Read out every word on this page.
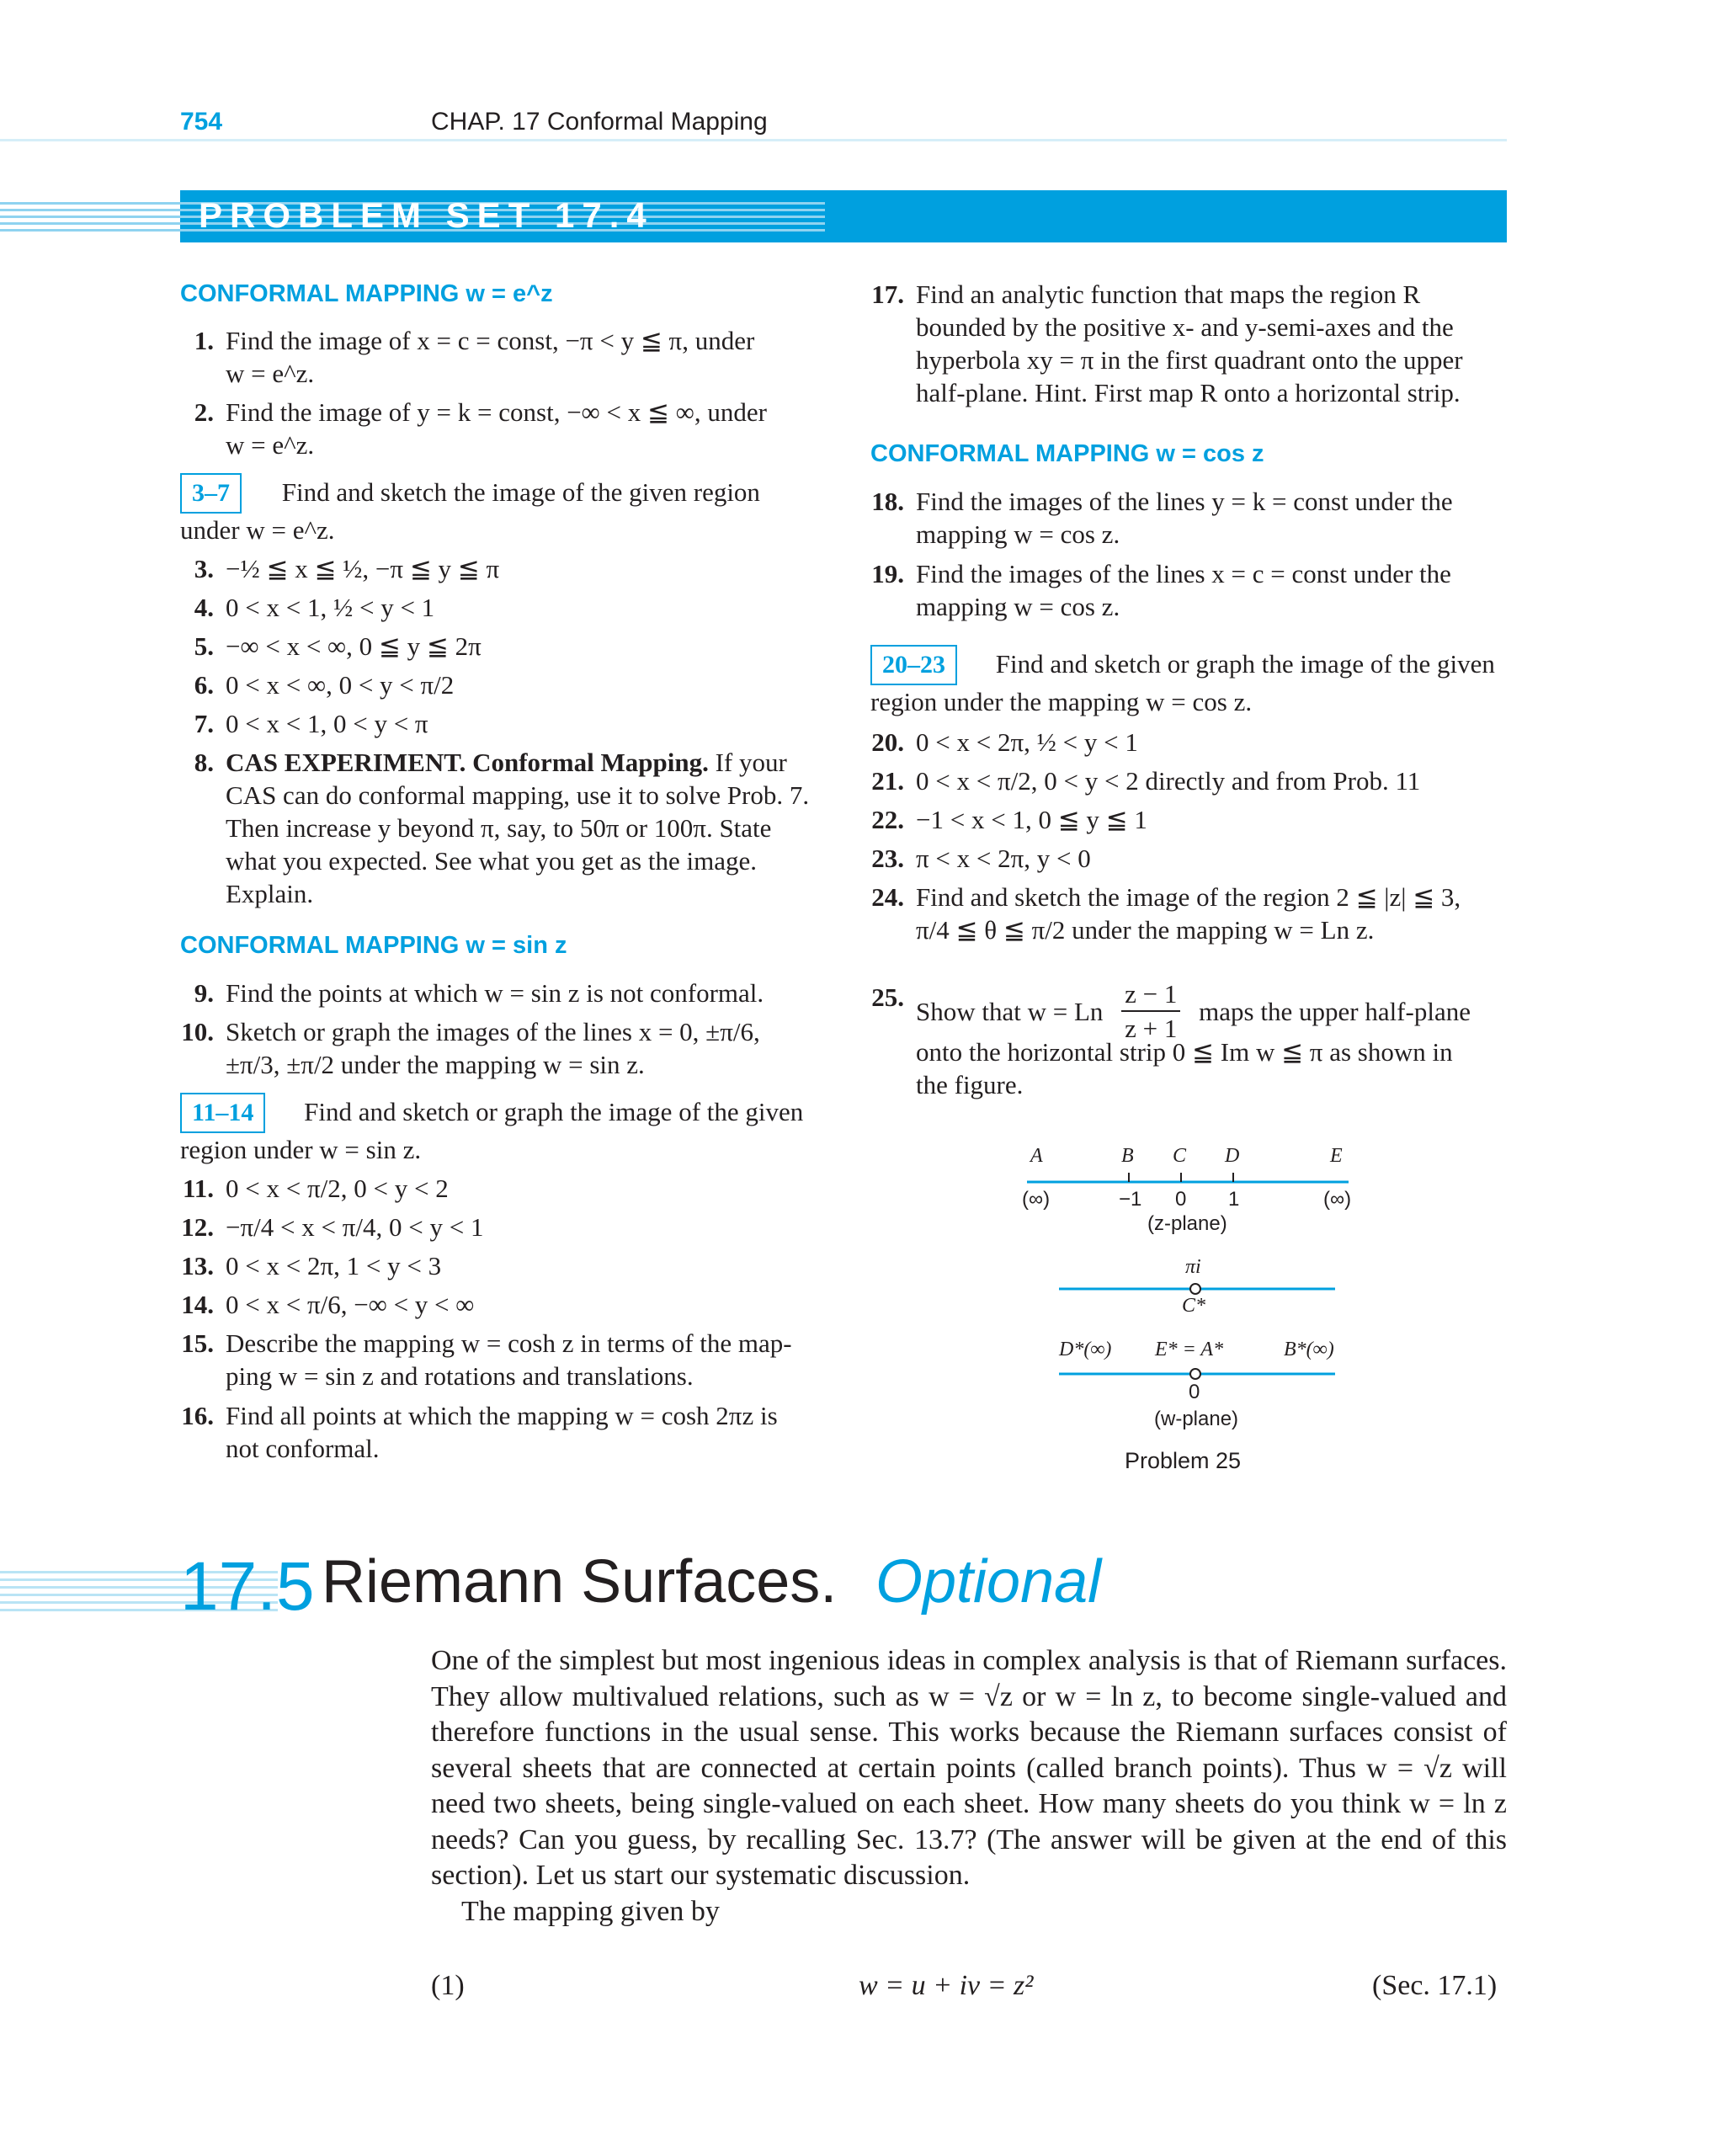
754	CHAP. 17 Conformal Mapping
PROBLEM SET 17.4
CONFORMAL MAPPING w = e^z
1. Find the image of x = c = const, −π < y ≦ π, under

w = e^z.

2. Find the image of y = k = const, −∞ < x ≦ ∞, under

w = e^z.

3–7 Find and sketch the image of the given region

under w = e^z.

3. −½ ≦ x ≦ ½, −π ≦ y ≦ π
4. 0 < x < 1, ½ < y < 1
5. −∞ < x < ∞, 0 ≦ y ≦ 2π
6. 0 < x < ∞, 0 < y < π/2
7. 0 < x < 1, 0 < y < π
8. CAS EXPERIMENT. Conformal Mapping. If your

CAS can do conformal mapping, use it to solve Prob. 7.

Then increase y beyond π, say, to 50π or 100π. State

what you expected. See what you get as the image.

Explain.

CONFORMAL MAPPING w = sin z
9. Find the points at which w = sin z is not conformal.
10. Sketch or graph the images of the lines x = 0, ±π/6,

±π/3, ±π/2 under the mapping w = sin z.

11–14 Find and sketch or graph the image of the given

region under w = sin z.

11. 0 < x < π/2, 0 < y < 2
12. −π/4 < x < π/4, 0 < y < 1
13. 0 < x < 2π, 1 < y < 3
14. 0 < x < π/6, −∞ < y < ∞
15. Describe the mapping w = cosh z in terms of the map-

ping w = sin z and rotations and translations.

16. Find all points at which the mapping w = cosh 2πz is

not conformal.

17. Find an analytic function that maps the region R

bounded by the positive x- and y-semi-axes and the

hyperbola xy = π in the first quadrant onto the upper

half-plane. Hint. First map R onto a horizontal strip.

CONFORMAL MAPPING w = cos z
18. Find the images of the lines y = k = const under the

mapping w = cos z.

19. Find the images of the lines x = c = const under the

mapping w = cos z.

20–23 Find and sketch or graph the image of the given

region under the mapping w = cos z.

20. 0 < x < 2π, ½ < y < 1
21. 0 < x < π/2, 0 < y < 2 directly and from Prob. 11
22. −1 < x < 1, 0 ≦ y ≦ 1
23. π < x < 2π, y < 0
24. Find and sketch the image of the region 2 ≦ |z| ≦ 3,

π/4 ≦ θ ≦ π/2 under the mapping w = Ln z.

25. Show that w = Ln $\frac{z - 1}{z + 1}$ maps the upper half-plane

onto the horizontal strip 0 ≦ Im w ≦ π as shown in

the figure.

A	B C D	E
(∞)	−1 0 1	(∞)
(z-plane)
πi
C*
D*(∞) E* = A*	B*(∞)
0
(w-plane)
Problem 25
17.5 Riemann Surfaces. Optional

One of the simplest but most ingenious ideas in complex analysis is that of Riemann surfaces. They allow multivalued relations, such as w = √z or w = ln z, to become single-valued and therefore functions in the usual sense. This works because the Riemann surfaces consist of several sheets that are connected at certain points (called branch points). Thus w = √z will need two sheets, being single-valued on each sheet. How many sheets do you think w = ln z needs? Can you guess, by recalling Sec. 13.7? (The answer will be given at the end of this section). Let us start our systematic discussion.

The mapping given by

(1)	w = u + iv = z²	(Sec. 17.1)
